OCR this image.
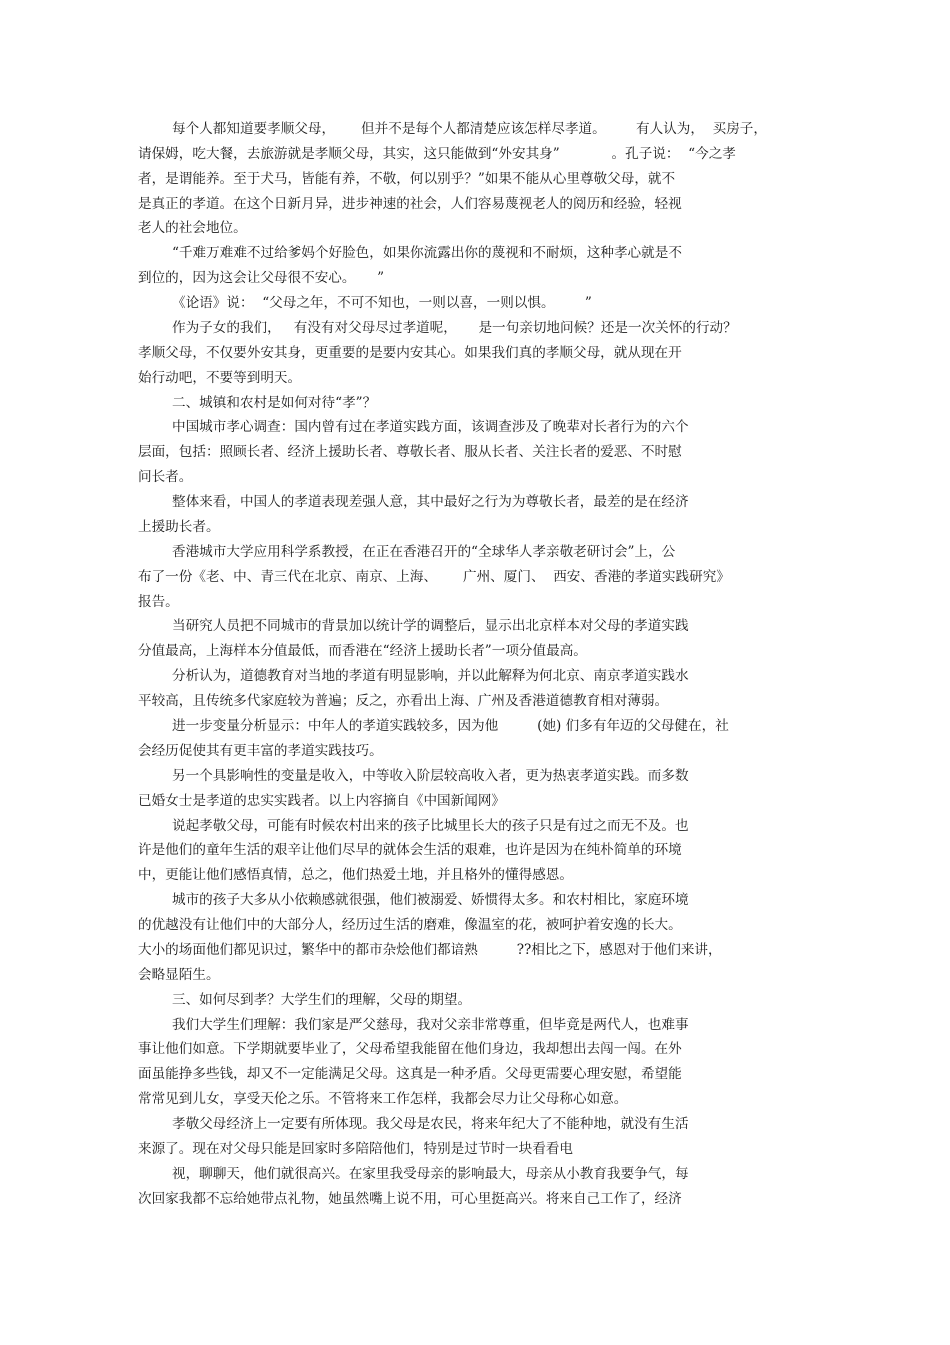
每个人都知道要孝顺父母，      但并不是每个人都清楚应该怎样尽孝道。       有人认为，  买房子，
请保姆，吃大餐，去旅游就是孝顺父母，其实，这只能做到“外安其身”            。孔子说：  “今之孝
者，是谓能养。至于犬马，皆能有养，不敬，何以别乎？”如果不能从心里尊敬父母，就不
是真正的孝道。在这个日新月异，进步神速的社会，人们容易蔑视老人的阅历和经验，轻视
老人的社会地位。
“千难万难难不过给爹妈个好脸色，如果你流露出你的蔑视和不耐烦，这种孝心就是不
到位的，因为这会让父母很不安心。     ”
《论语》说：  “父母之年，不可不知也，一则以喜，一则以惧。       ”
作为子女的我们，   有没有对父母尽过孝道呢，     是一句亲切地问候？还是一次关怀的行动？
孝顺父母，不仅要外安其身，更重要的是要内安其心。如果我们真的孝顺父母，就从现在开
始行动吧，不要等到明天。
二、城镇和农村是如何对待“孝”？
中国城市孝心调查：国内曾有过在孝道实践方面，该调查涉及了晚辈对长者行为的六个
层面，包括：照顾长者、经济上援助长者、尊敬长者、服从长者、关注长者的爱恶、不时慰
问长者。
整体来看，中国人的孝道表现差强人意，其中最好之行为为尊敬长者，最差的是在经济
上援助长者。
香港城市大学应用科学系教授，在正在香港召开的“全球华人孝亲敬老研讨会”上，公
布了一份《老、中、青三代在北京、南京、上海、      广州、厦门、  西安、香港的孝道实践研究》
报告。
当研究人员把不同城市的背景加以统计学的调整后，显示出北京样本对父母的孝道实践
分值最高，上海样本分值最低，而香港在“经济上援助长者”一项分值最高。
分析认为，道德教育对当地的孝道有明显影响，并以此解释为何北京、南京孝道实践水
平较高，且传统多代家庭较为普遍；反之，亦看出上海、广州及香港道德教育相对薄弱。
进一步变量分析显示：中年人的孝道实践较多，因为他         (她) 们多有年迈的父母健在，社
会经历促使其有更丰富的孝道实践技巧。
另一个具影响性的变量是收入，中等收入阶层较高收入者，更为热衷孝道实践。而多数
已婚女士是孝道的忠实实践者。以上内容摘自《中国新闻网》
说起孝敬父母，可能有时候农村出来的孩子比城里长大的孩子只是有过之而无不及。也
许是他们的童年生活的艰辛让他们尽早的就体会生活的艰难，也许是因为在纯朴简单的环境
中，更能让他们感悟真情，总之，他们热爱土地，并且格外的懂得感恩。
城市的孩子大多从小依赖感就很强，他们被溺爱、娇惯得太多。和农村相比，家庭环境
的优越没有让他们中的大部分人，经历过生活的磨难，像温室的花，被呵护着安逸的长大。
大小的场面他们都见识过，繁华中的都市杂烩他们都谙熟         ??相比之下，感恩对于他们来讲，
会略显陌生。
三、如何尽到孝？大学生们的理解，父母的期望。
我们大学生们理解：我们家是严父慈母，我对父亲非常尊重，但毕竟是两代人，也难事
事让他们如意。下学期就要毕业了，父母希望我能留在他们身边，我却想出去闯一闯。在外
面虽能挣多些钱，却又不一定能满足父母。这真是一种矛盾。父母更需要心理安慰，希望能
常常见到儿女，享受天伦之乐。不管将来工作怎样，我都会尽力让父母称心如意。
孝敬父母经济上一定要有所体现。我父母是农民，将来年纪大了不能种地，就没有生活
来源了。现在对父母只能是回家时多陪陪他们，特别是过节时一块看看电
视，聊聊天，他们就很高兴。在家里我受母亲的影响最大，母亲从小教育我要争气，每
次回家我都不忘给她带点礼物，她虽然嘴上说不用，可心里挺高兴。将来自己工作了，经济
